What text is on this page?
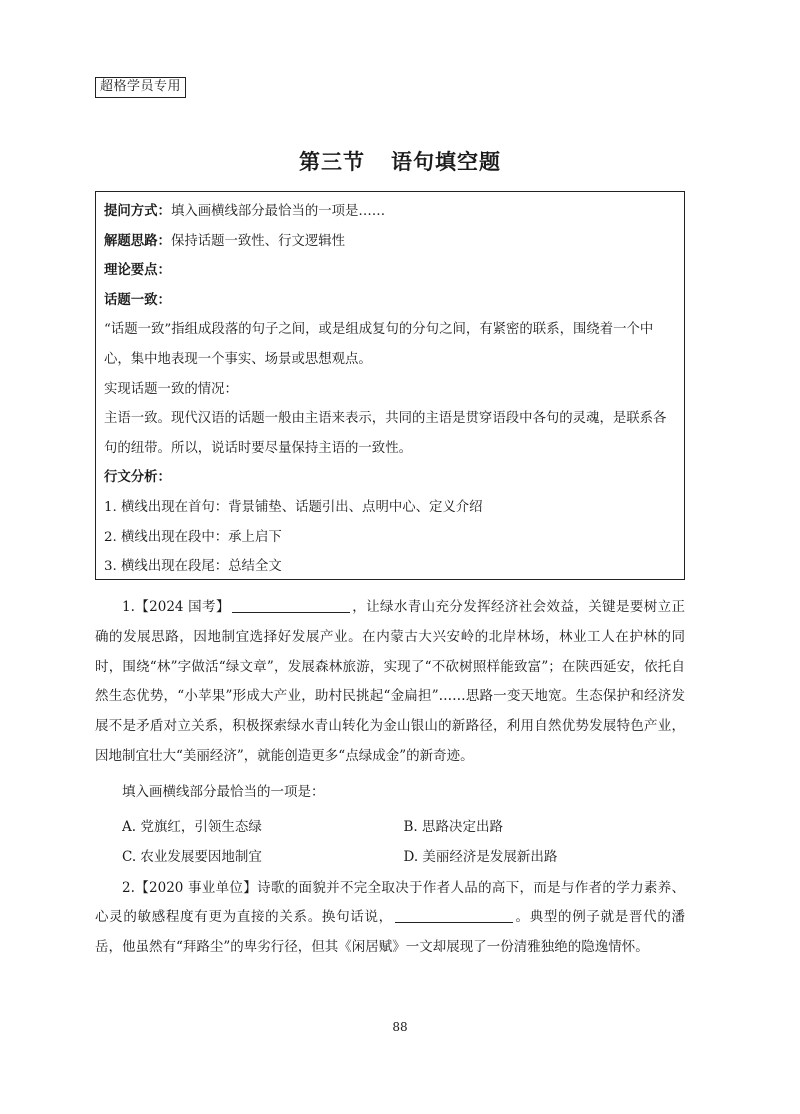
超格学员专用
第三节 语句填空题
提问方式：填入画横线部分最恰当的一项是……
解题思路：保持话题一致性、行文逻辑性
理论要点：
话题一致：
“话题一致”指组成段落的句子之间，或是组成复句的分句之间，有紧密的联系，围绕着一个中心，集中地表现一个事实、场景或思想观点。
实现话题一致的情况：
主语一致。现代汉语的话题一般由主语来表示，共同的主语是贯穿语段中各句的灵魂，是联系各句的纽带。所以，说话时要尽量保持主语的一致性。
行文分析：
1. 横线出现在首句：背景铺垫、话题引出、点明中心、定义介绍
2. 横线出现在段中：承上启下
3. 横线出现在段尾：总结全文

1.【2024 国考】	，让绿水青山充分发挥经济社会效益，关键是要树立正确的发展思路，因地制宜选择好发展产业。在内蒙古大兴安岭的北岸林场，林业工人在护林的同时，围绕“林”字做活“绿文章”，发展森林旅游，实现了“不砍树照样能致富”；在陕西延安，依托自然生态优势，“小苹果”形成大产业，助村民挑起“金扁担”……思路一变天地宽。生态保护和经济发展不是矛盾对立关系，积极探索绿水青山转化为金山银山的新路径，利用自然优势发展特色产业，因地制宜壮大“美丽经济”，就能创造更多“点绿成金”的新奇迹。

填入画横线部分最恰当的一项是：
A. 党旗红，引领生态绿	B. 思路决定出路
C. 农业发展要因地制宜	D. 美丽经济是发展新出路

2.【2020 事业单位】诗歌的面貌并不完全取决于作者人品的高下，而是与作者的学力素养、心灵的敏感程度有更为直接的关系。换句话说，	。典型的例子就是晋代的潘岳，他虽然有“拜路尘”的卑劣行径，但其《闲居赋》一文却展现了一份清雅独绝的隐逸情怀。

88
